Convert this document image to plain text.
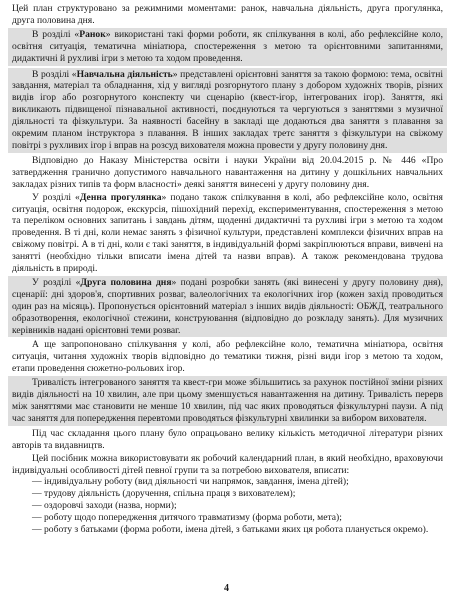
Цей план структуровано за режимними моментами: ранок, навчальна діяльність, друга прогулянка, друга половина дня.

В розділі «Ранок» використані такі форми роботи, як спілкування в колі, або рефлексійне коло, освітня ситуація, тематична мініатюра, спостереження з метою та орієнтовними запитаннями, дидактичні й рухливі ігри з метою та ходом проведення.

В розділі «Навчальна діяльність» представлені орієнтовні заняття за такою формою: тема, освітні завдання, матеріал та обладнання, хід у вигляді розгорнутого плану з добором художніх творів, різних видів ігор або розгорнутого конспекту чи сценарію (квест-ігор, інтегрованих ігор). Заняття, які викликають підвищеної пізнавальної активності, поєднуються та чергуються з заняттями з музичної діяльності та фізкультури. За наявності басейну в закладі ще додаються два заняття з плавання за окремим планом інструктора з плавання. В інших закладах третє заняття з фізкультури на свіжому повітрі з рухливих ігор і вправ на розсуд вихователя можна провести у другу половину дня.

Відповідно до Наказу Міністерства освіти і науки України від 20.04.2015 р. № 446 «Про затвердження гранично допустимого навчального навантаження на дитину у дошкільних навчальних закладах різних типів та форм власності» деякі заняття винесені у другу половину дня.

У розділі «Денна прогулянка» подано також спілкування в колі, або рефлексійне коло, освітня ситуація, освітня подорож, екскурсія, пішохідний перехід, експериментування, спостереження з метою та переліком основних запитань і завдань дітям, щоденні дидактичні та рухливі ігри з метою та ходом проведення. В ті дні, коли немає занять з фізичної культури, представлені комплекси фізичних вправ на свіжому повітрі. А в ті дні, коли є такі заняття, в індивідуальній формі закріплюються вправи, вивчені на занятті (необхідно тільки вписати імена дітей та назви вправ). А також рекомендована трудова діяльність в природі.

У розділі «Друга половина дня» подані розробки занять (які винесені у другу половину дня), сценарії: дні здоров'я, спортивних розваг, валеологічних та екологічних ігор (кожен захід проводиться один раз на місяць). Пропонується орієнтовний матеріал з інших видів діяльності: ОБЖД, театрального образотворення, екологічної стежини, конструювання (відповідно до розкладу занять). Для музичних керівників надані орієнтовні теми розваг.

А ще запропоновано спілкування у колі, або рефлексійне коло, тематична мініатюра, освітня ситуація, читання художніх творів відповідно до тематики тижня, різні види ігор з метою та ходом, етапи проведення сюжетно-рольових ігор.

Тривалість інтегрованого заняття та квест-гри може збільшитись за рахунок постійної зміни різних видів діяльності на 10 хвилин, але при цьому зменшується навантаження на дитину. Тривалість перерв між заняттями має становити не менше 10 хвилин, під час яких проводяться фізкультурні паузи. А під час заняття для попередження перевтоми проводяться фізкультурні хвилинки за вибором вихователя.

Під час складання цього плану було опрацьовано велику кількість методичної літератури різних авторів та видавництв.

Цей посібник можна використовувати як робочий календарний план, в який необхідно, враховуючи індивідуальні особливості дітей певної групи та за потребою вихователя, вписати:

— індивідуальну роботу (вид діяльності чи напрямок, завдання, імена дітей);
— трудову діяльність (доручення, спільна праця з вихователем);
— оздоровчі заходи (назва, норми);
— роботу щодо попередження дитячого травматизму (форма роботи, мета);
— роботу з батьками (форма роботи, імена дітей, з батьками яких ця робота планується окремо).
4
